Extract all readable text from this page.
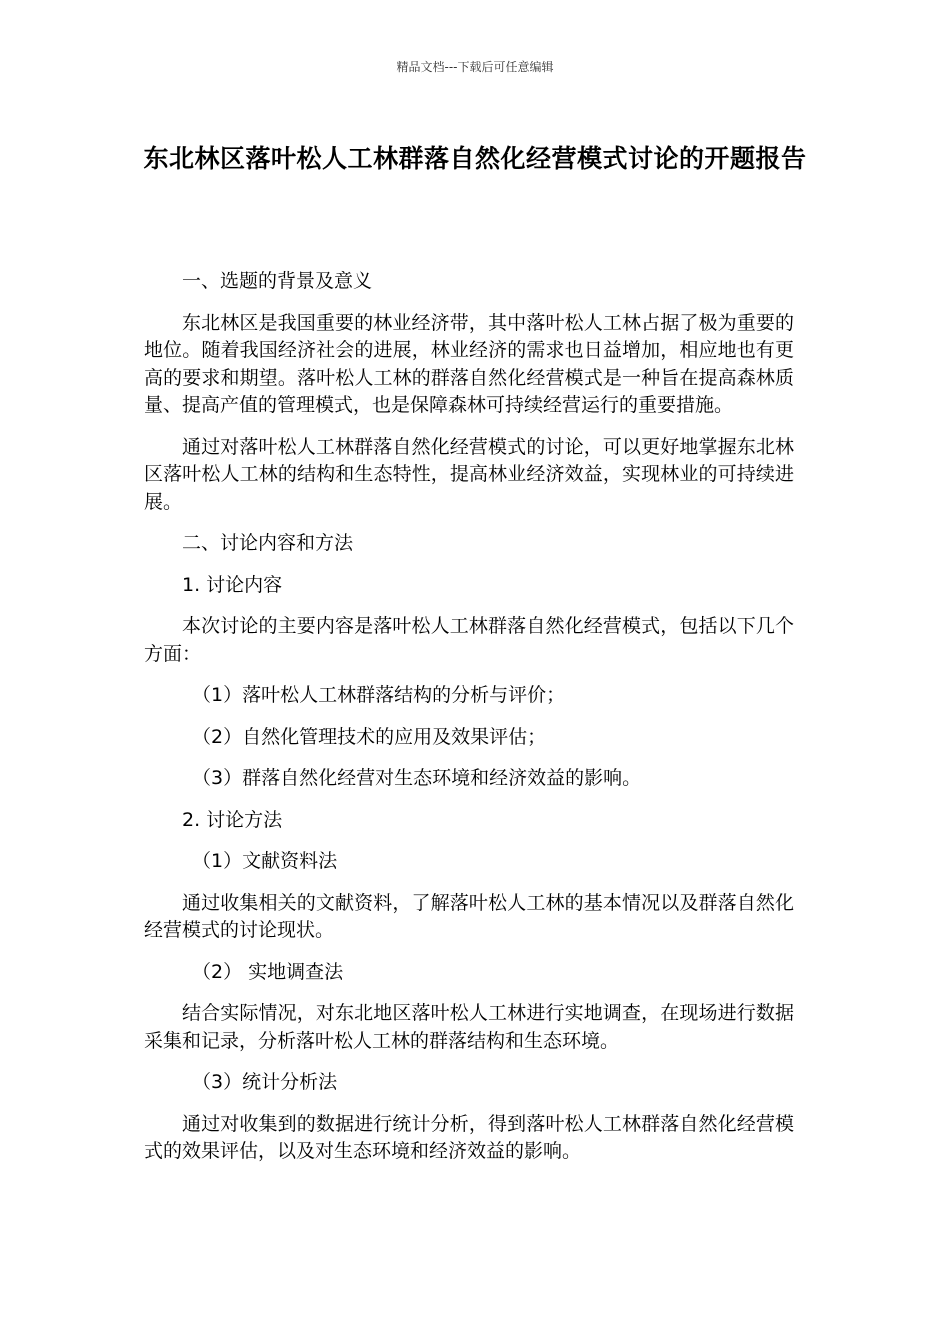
精品文档---下载后可任意编辑
东北林区落叶松人工林群落自然化经营模式讨论的开题报告

一、选题的背景及意义

东北林区是我国重要的林业经济带，其中落叶松人工林占据了极为重要的地位。随着我国经济社会的进展，林业经济的需求也日益增加，相应地也有更高的要求和期望。落叶松人工林的群落自然化经营模式是一种旨在提高森林质量、提高产值的管理模式，也是保障森林可持续经营运行的重要措施。

通过对落叶松人工林群落自然化经营模式的讨论，可以更好地掌握东北林区落叶松人工林的结构和生态特性，提高林业经济效益，实现林业的可持续进展。

二、讨论内容和方法

1. 讨论内容

本次讨论的主要内容是落叶松人工林群落自然化经营模式，包括以下几个方面：

（1）落叶松人工林群落结构的分析与评价；

（2）自然化管理技术的应用及效果评估；

（3）群落自然化经营对生态环境和经济效益的影响。

2. 讨论方法

（1）文献资料法

通过收集相关的文献资料，了解落叶松人工林的基本情况以及群落自然化经营模式的讨论现状。

（2） 实地调查法

结合实际情况，对东北地区落叶松人工林进行实地调查，在现场进行数据采集和记录，分析落叶松人工林的群落结构和生态环境。

（3）统计分析法

通过对收集到的数据进行统计分析，得到落叶松人工林群落自然化经营模式的效果评估，以及对生态环境和经济效益的影响。
